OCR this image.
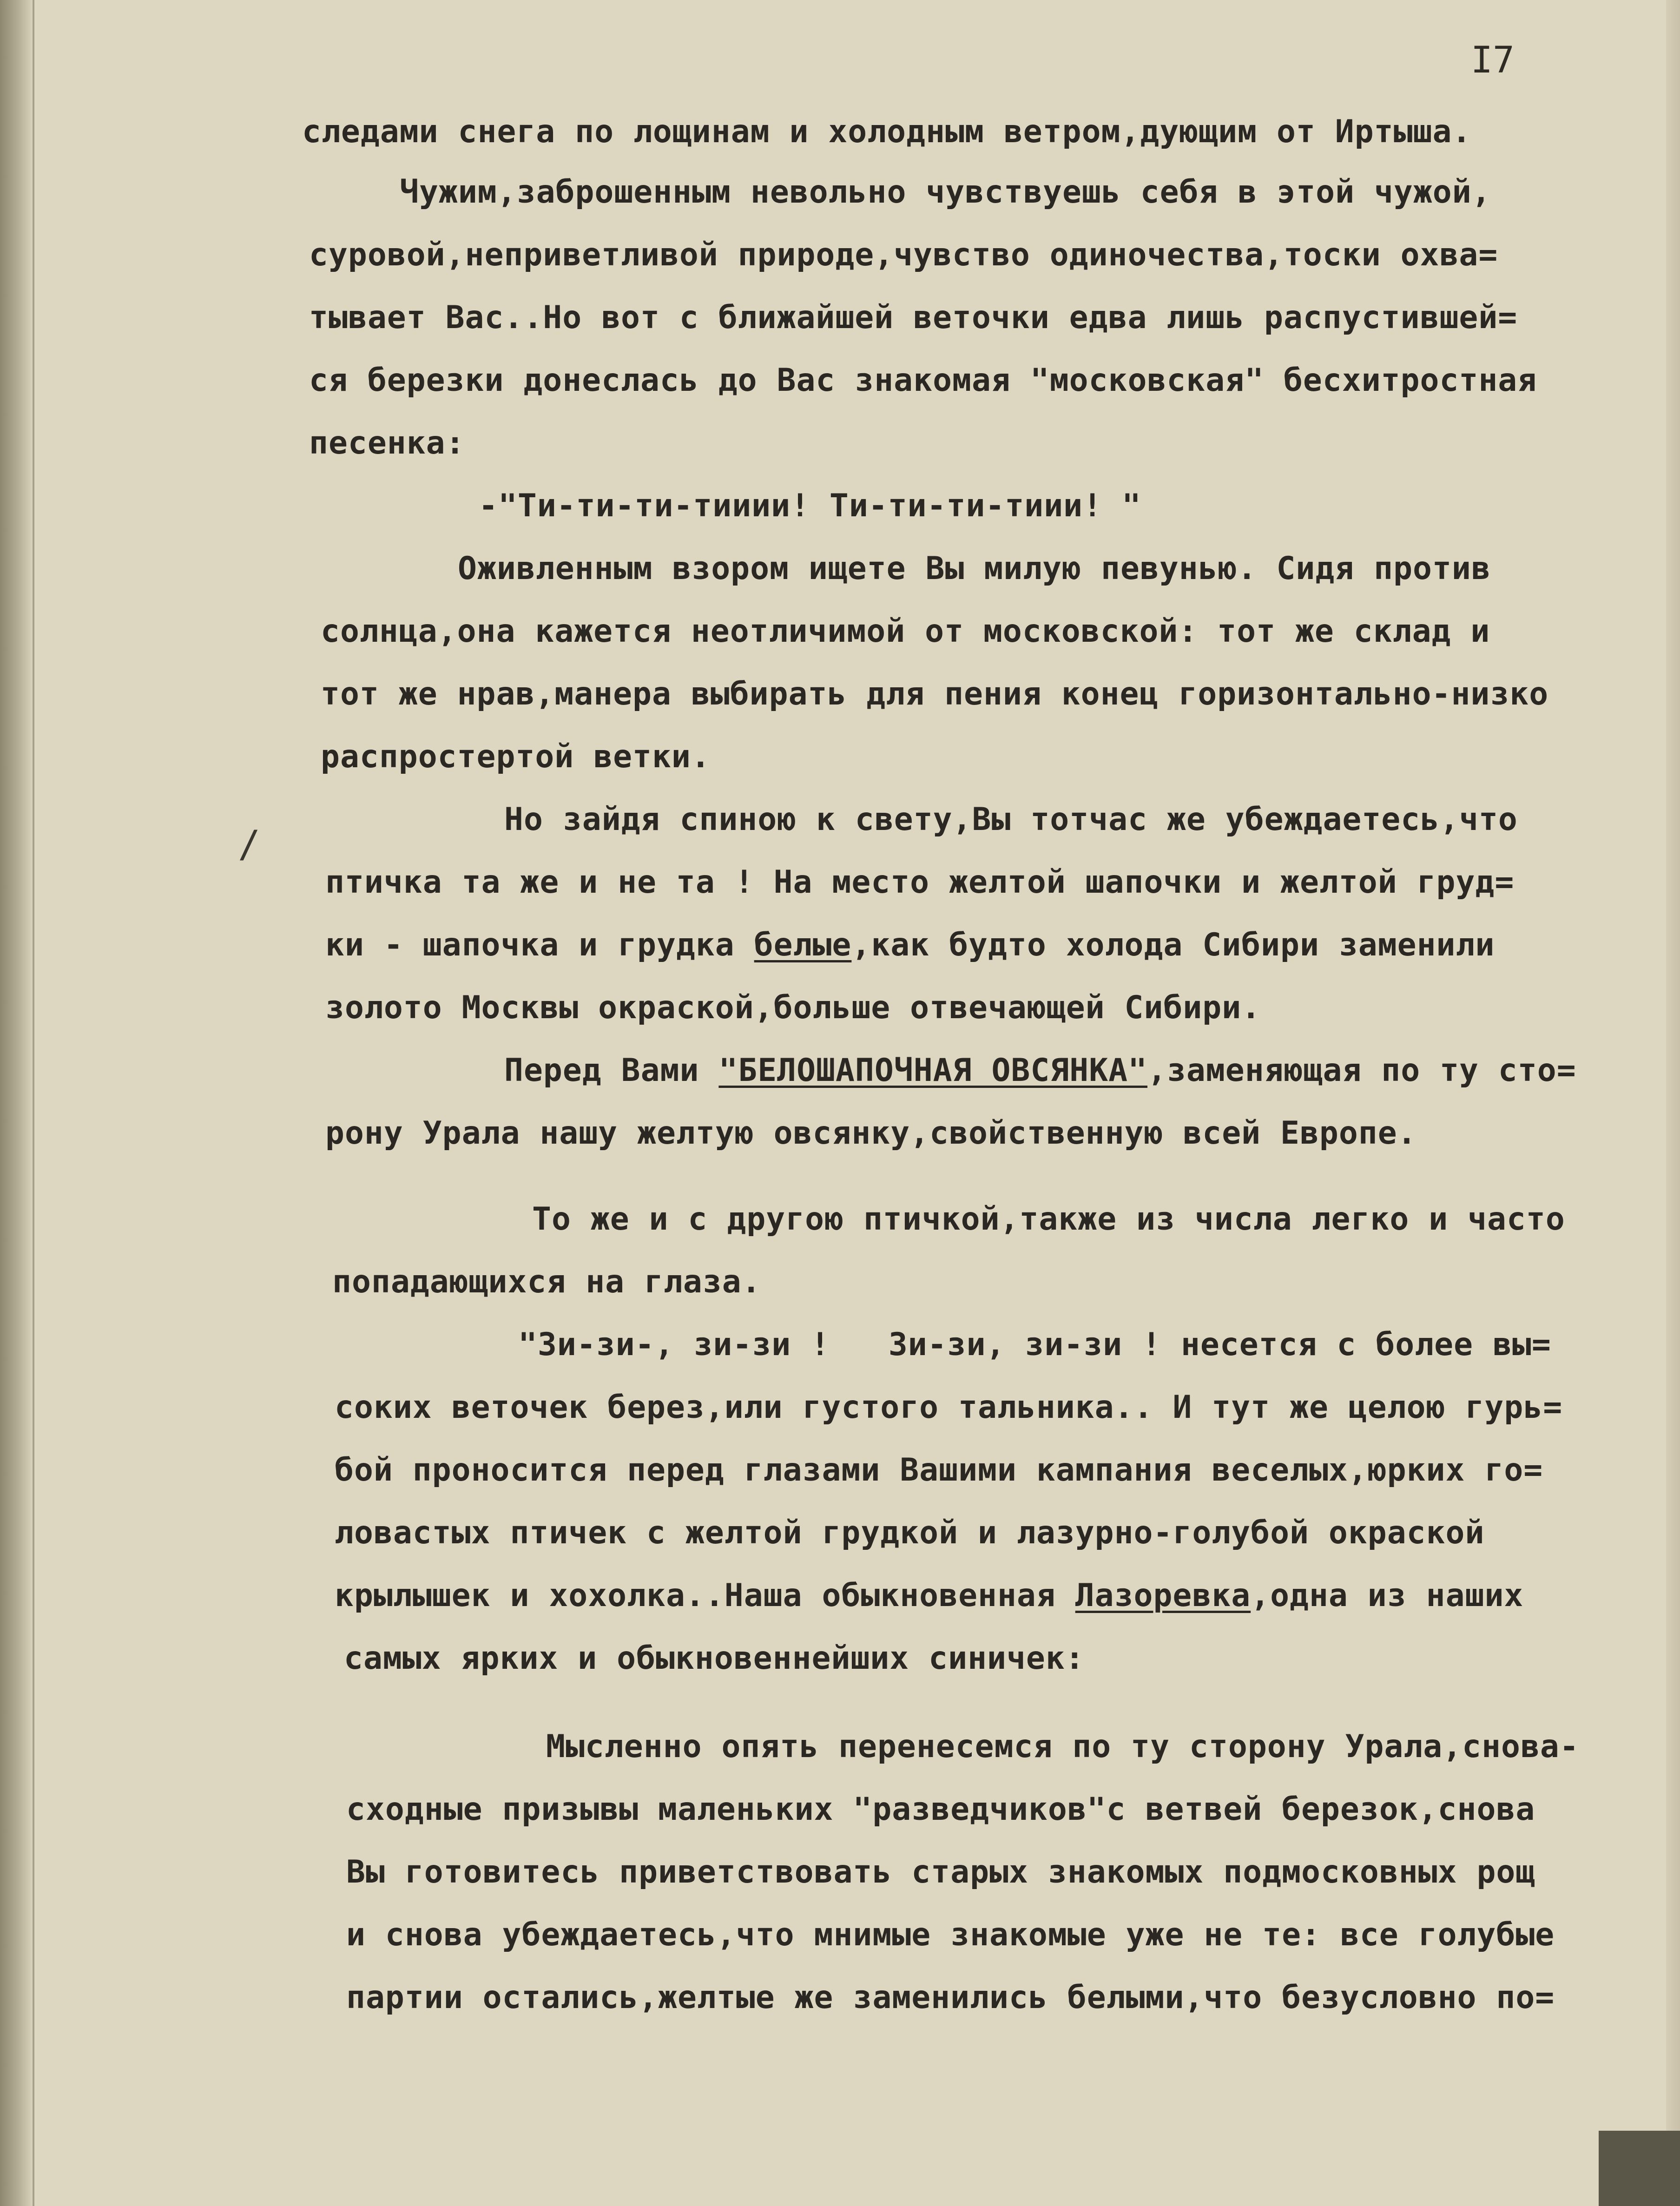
I7
/
следами снега по лощинам и холодным ветром,дующим от Иртыша.
Чужим,заброшенным невольно чувствуешь себя в этой чужой,
суровой,неприветливой природе,чувство одиночества,тоски охва=
тывает Вас..Но вот с ближайшей веточки едва лишь распустившей=
ся березки донеслась до Вас знакомая "московская" бесхитростная
песенка:
-"Ти-ти-ти-тииии! Ти-ти-ти-тиии! "
Оживленным взором ищете Вы милую певунью. Сидя против
солнца,она кажется неотличимой от московской: тот же склад и
тот же нрав,манера выбирать для пения конец горизонтально-низко
распростертой ветки.
Но зайдя спиною к свету,Вы тотчас же убеждаетесь,что
птичка та же и не та ! На место желтой шапочки и желтой груд=
ки - шапочка и грудка белые,как будто холода Сибири заменили
золото Москвы окраской,больше отвечающей Сибири.
Перед Вами "БЕЛОШАПОЧНАЯ ОВСЯНКА",заменяющая по ту сто=
рону Урала нашу желтую овсянку,свойственную всей Европе.
То же и с другою птичкой,также из числа легко и часто
попадающихся на глаза.
"Зи-зи-, зи-зи !   Зи-зи, зи-зи ! несется с более вы=
соких веточек берез,или густого тальника.. И тут же целою гурь=
бой проносится перед глазами Вашими кампания веселых,юрких го=
ловастых птичек с желтой грудкой и лазурно-голубой окраской
крылышек и хохолка..Наша обыкновенная Лазоревка,одна из наших
самых ярких и обыкновеннейших синичек:
Мысленно опять перенесемся по ту сторону Урала,снова-
сходные призывы маленьких "разведчиков"с ветвей березок,снова
Вы готовитесь приветствовать старых знакомых подмосковных рощ
и снова убеждаетесь,что мнимые знакомые уже не те: все голубые
партии остались,желтые же заменились белыми,что безусловно по=
